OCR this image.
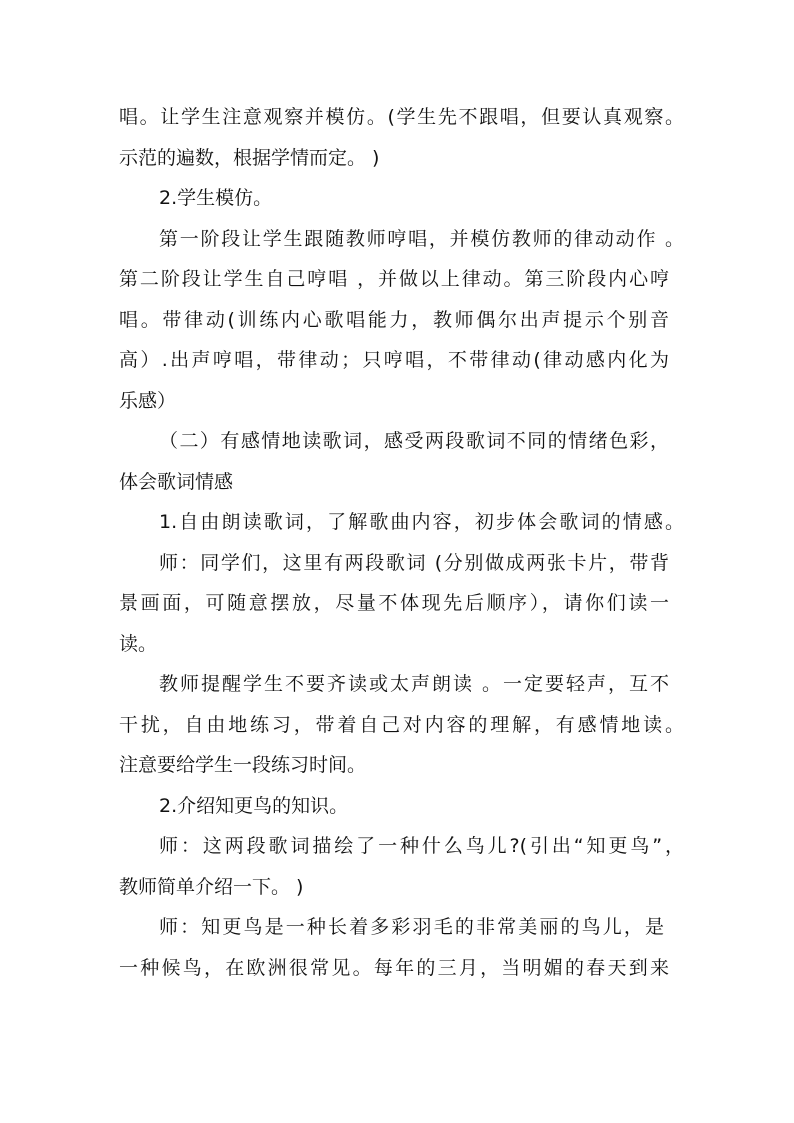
唱。让学生注意观察并模仿。(学生先不跟唱，但要认真观察。
示范的遍数，根据学情而定。 )
2.学生模仿。
第一阶段让学生跟随教师哼唱，并模仿教师的律动动作 。
第二阶段让学生自己哼唱 ，并做以上律动。第三阶段内心哼
唱。带律动(训练内心歌唱能力，教师偶尔出声提示个别音
高）.出声哼唱，带律动；只哼唱，不带律动(律动感内化为
乐感）
（二）有感情地读歌词，感受两段歌词不同的情绪色彩，
体会歌词情感
1.自由朗读歌词，了解歌曲内容，初步体会歌词的情感。
师：同学们，这里有两段歌词 (分别做成两张卡片，带背
景画面，可随意摆放，尽量不体现先后顺序），请你们读一
读。
教师提醒学生不要齐读或太声朗读 。一定要轻声，互不
干扰，自由地练习，带着自己对内容的理解，有感情地读。
注意要给学生一段练习时间。
2.介绍知更鸟的知识。
师：这两段歌词描绘了一种什么鸟儿?(引出“知更鸟”，
教师简单介绍一下。 )
师：知更鸟是一种长着多彩羽毛的非常美丽的鸟儿，是
一种候鸟，在欧洲很常见。每年的三月，当明媚的春天到来
